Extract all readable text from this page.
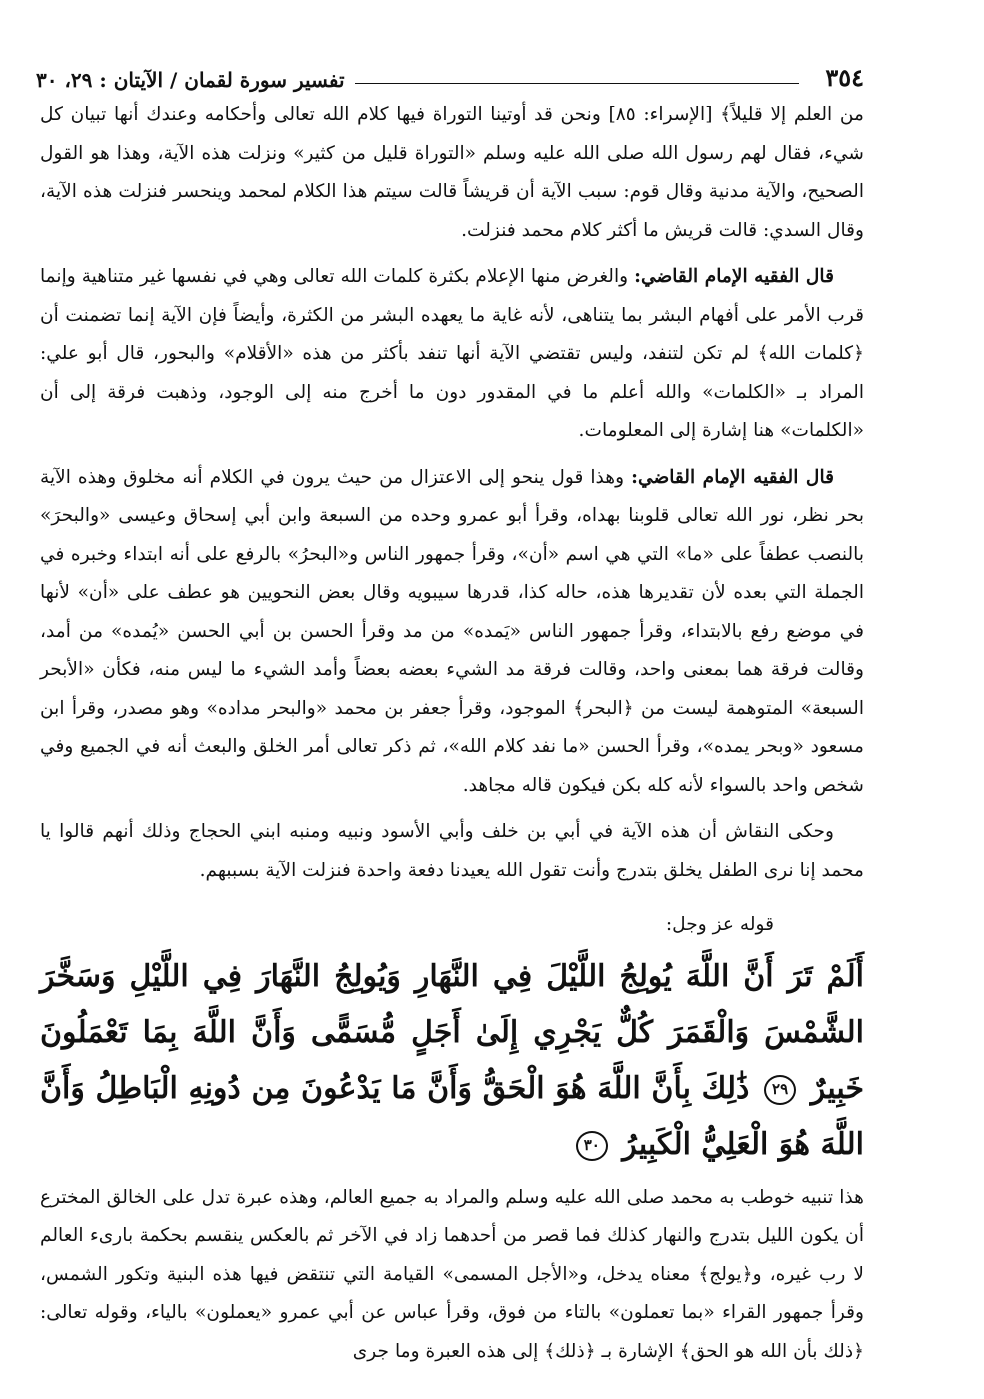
٣٥٤
تفسير سورة لقمان / الآيتان : ٢٩، ٣٠

من العلم إلا قليلاً﴾ [الإسراء: ٨٥] ونحن قد أوتينا التوراة فيها كلام الله تعالى وأحكامه وعندك أنها تبيان كل شيء، فقال لهم رسول الله صلى الله عليه وسلم «التوراة قليل من كثير» ونزلت هذه الآية، وهذا هو القول الصحيح، والآية مدنية وقال قوم: سبب الآية أن قريشاً قالت سيتم هذا الكلام لمحمد وينحسر فنزلت هذه الآية، وقال السدي: قالت قريش ما أكثر كلام محمد فنزلت.

قال الفقيه الإمام القاضي: والغرض منها الإعلام بكثرة كلمات الله تعالى وهي في نفسها غير متناهية وإنما قرب الأمر على أفهام البشر بما يتناهى، لأنه غاية ما يعهده البشر من الكثرة، وأيضاً فإن الآية إنما تضمنت أن ﴿كلمات الله﴾ لم تكن لتنفد، وليس تقتضي الآية أنها تنفد بأكثر من هذه «الأقلام» والبحور، قال أبو علي: المراد بـ «الكلمات» والله أعلم ما في المقدور دون ما أخرج منه إلى الوجود، وذهبت فرقة إلى أن «الكلمات» هنا إشارة إلى المعلومات.

قال الفقيه الإمام القاضي: وهذا قول ينحو إلى الاعتزال من حيث يرون في الكلام أنه مخلوق وهذه الآية بحر نظر، نور الله تعالى قلوبنا بهداه، وقرأ أبو عمرو وحده من السبعة وابن أبي إسحاق وعيسى «والبحرَ» بالنصب عطفاً على «ما» التي هي اسم «أن»، وقرأ جمهور الناس و«البحرُ» بالرفع على أنه ابتداء وخبره في الجملة التي بعده لأن تقديرها هذه، حاله كذا، قدرها سيبويه وقال بعض النحويين هو عطف على «أن» لأنها في موضع رفع بالابتداء، وقرأ جمهور الناس «يَمده» من مد وقرأ الحسن بن أبي الحسن «يُمده» من أمد، وقالت فرقة هما بمعنى واحد، وقالت فرقة مد الشيء بعضه بعضاً وأمد الشيء ما ليس منه، فكأن «الأبحر السبعة» المتوهمة ليست من ﴿البحر﴾ الموجود، وقرأ جعفر بن محمد «والبحر مداده» وهو مصدر، وقرأ ابن مسعود «وبحر يمده»، وقرأ الحسن «ما نفد كلام الله»، ثم ذكر تعالى أمر الخلق والبعث أنه في الجميع وفي شخص واحد بالسواء لأنه كله بكن فيكون قاله مجاهد.

وحكى النقاش أن هذه الآية في أبي بن خلف وأبي الأسود ونبيه ومنبه ابني الحجاج وذلك أنهم قالوا يا محمد إنا نرى الطفل يخلق بتدرج وأنت تقول الله يعيدنا دفعة واحدة فنزلت الآية بسببهم.

قوله عز وجل:

أَلَمْ تَرَ أَنَّ اللَّهَ يُولِجُ اللَّيْلَ فِي النَّهَارِ وَيُولِجُ النَّهَارَ فِي اللَّيْلِ وَسَخَّرَ الشَّمْسَ وَالْقَمَرَ كُلٌّ يَجْرِي إِلَىٰ أَجَلٍ مُّسَمًّى وَأَنَّ اللَّهَ بِمَا تَعْمَلُونَ خَبِيرٌ ٢٩ ذَٰلِكَ بِأَنَّ اللَّهَ هُوَ الْحَقُّ وَأَنَّ مَا يَدْعُونَ مِن دُونِهِ الْبَاطِلُ وَأَنَّ اللَّهَ هُوَ الْعَلِيُّ الْكَبِيرُ ٣٠

هذا تنبيه خوطب به محمد صلى الله عليه وسلم والمراد به جميع العالم، وهذه عبرة تدل على الخالق المخترع أن يكون الليل بتدرج والنهار كذلك فما قصر من أحدهما زاد في الآخر ثم بالعكس ينقسم بحكمة بارىء العالم لا رب غيره، و﴿يولج﴾ معناه يدخل، و«الأجل المسمى» القيامة التي تنتقض فيها هذه البنية وتكور الشمس، وقرأ جمهور القراء «بما تعملون» بالتاء من فوق، وقرأ عباس عن أبي عمرو «يعملون» بالياء، وقوله تعالى: ﴿ذلك بأن الله هو الحق﴾ الإشارة بـ ﴿ذلك﴾ إلى هذه العبرة وما جرى
